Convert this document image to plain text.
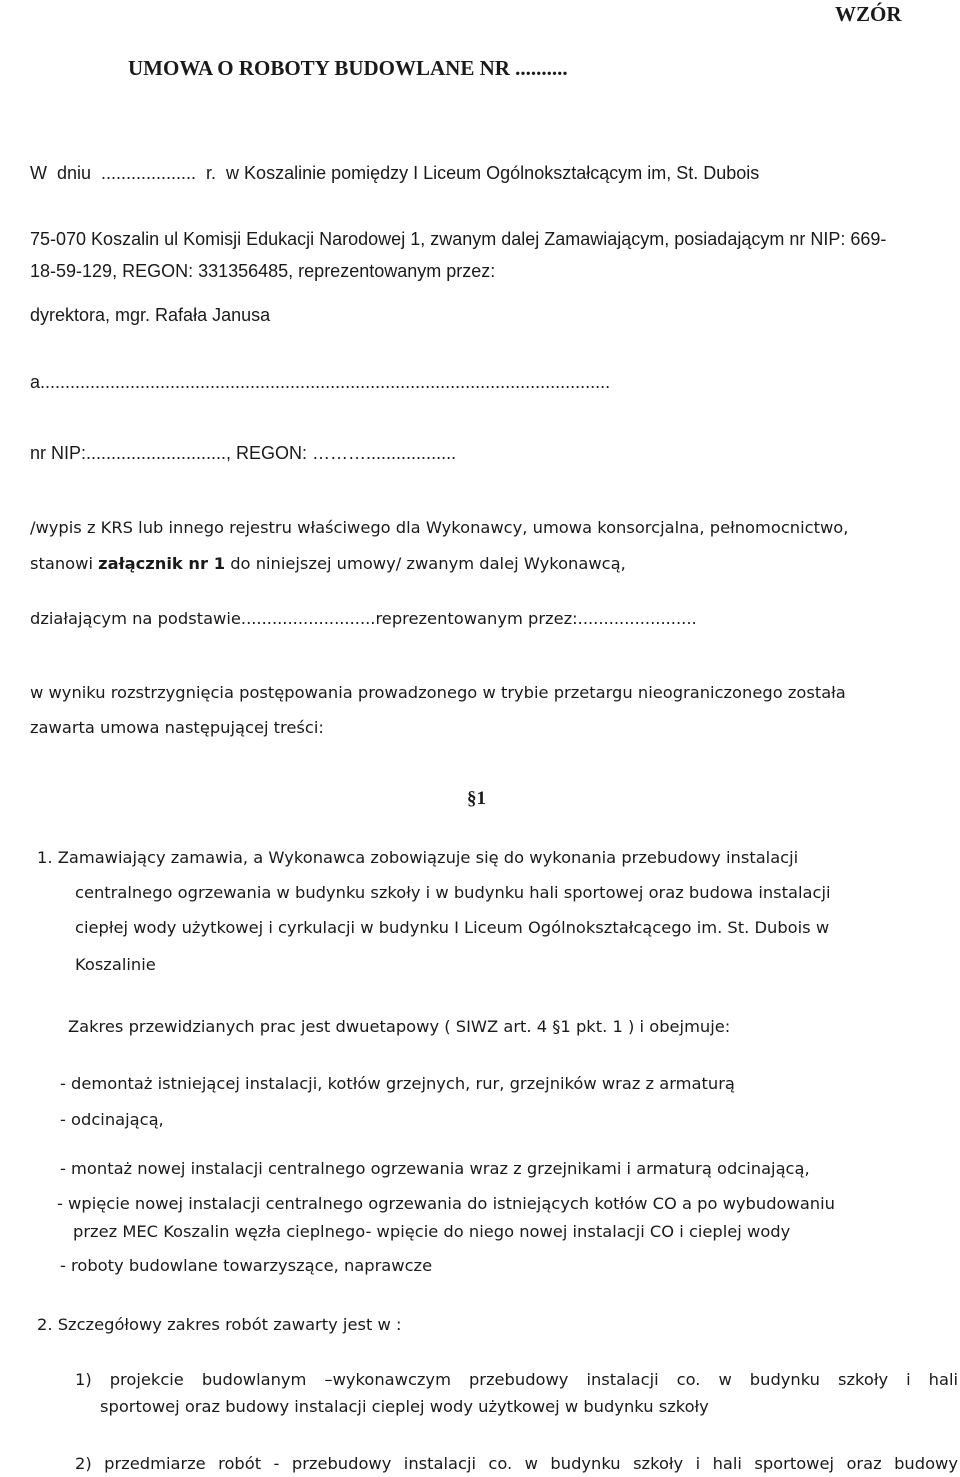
WZÓR
UMOWA O ROBOTY BUDOWLANE NR ..........
W  dniu  ...................  r.  w Koszalinie pomiędzy I Liceum Ogólnokształcącym im, St. Dubois
75-070 Koszalin ul Komisji Edukacji Narodowej 1, zwanym dalej Zamawiającym, posiadającym nr NIP: 669-
18-59-129, REGON: 331356485, reprezentowanym przez:
dyrektora, mgr. Rafała Janusa
a..................................................................................................................
nr NIP:............................, REGON: ………..................
/wypis z KRS lub innego rejestru właściwego dla Wykonawcy, umowa konsorcjalna, pełnomocnictwo,
stanowi załącznik nr 1 do niniejszej umowy/ zwanym dalej Wykonawcą,
działającym na podstawie..........................reprezentowanym przez:.......................
w wyniku rozstrzygnięcia postępowania prowadzonego w trybie przetargu nieograniczonego została
zawarta umowa następującej treści:
§1
1. Zamawiający zamawia, a Wykonawca zobowiązuje się do wykonania przebudowy instalacji
centralnego ogrzewania w budynku szkoły i w budynku hali sportowej oraz budowa instalacji
ciepłej wody użytkowej i cyrkulacji w budynku I Liceum Ogólnokształcącego im. St. Dubois w
Koszalinie
Zakres przewidzianych prac jest dwuetapowy ( SIWZ art. 4 §1 pkt. 1 ) i obejmuje:
- demontaż istniejącej instalacji, kotłów grzejnych, rur, grzejników wraz z armaturą
- odcinającą,
- montaż nowej instalacji centralnego ogrzewania wraz z grzejnikami i armaturą odcinającą,
- wpięcie nowej instalacji centralnego ogrzewania do istniejących kotłów CO a po wybudowaniu
przez MEC Koszalin węzła cieplnego- wpięcie do niego nowej instalacji CO i cieplej wody
- roboty budowlane towarzyszące, naprawcze
2. Szczegółowy zakres robót zawarty jest w :
1) projekcie budowlanym –wykonawczym przebudowy instalacji co. w budynku szkoły i hali
sportowej oraz budowy instalacji cieplej wody użytkowej w budynku szkoły
2) przedmiarze robót - przebudowy instalacji co. w budynku szkoły i hali sportowej oraz budowy
